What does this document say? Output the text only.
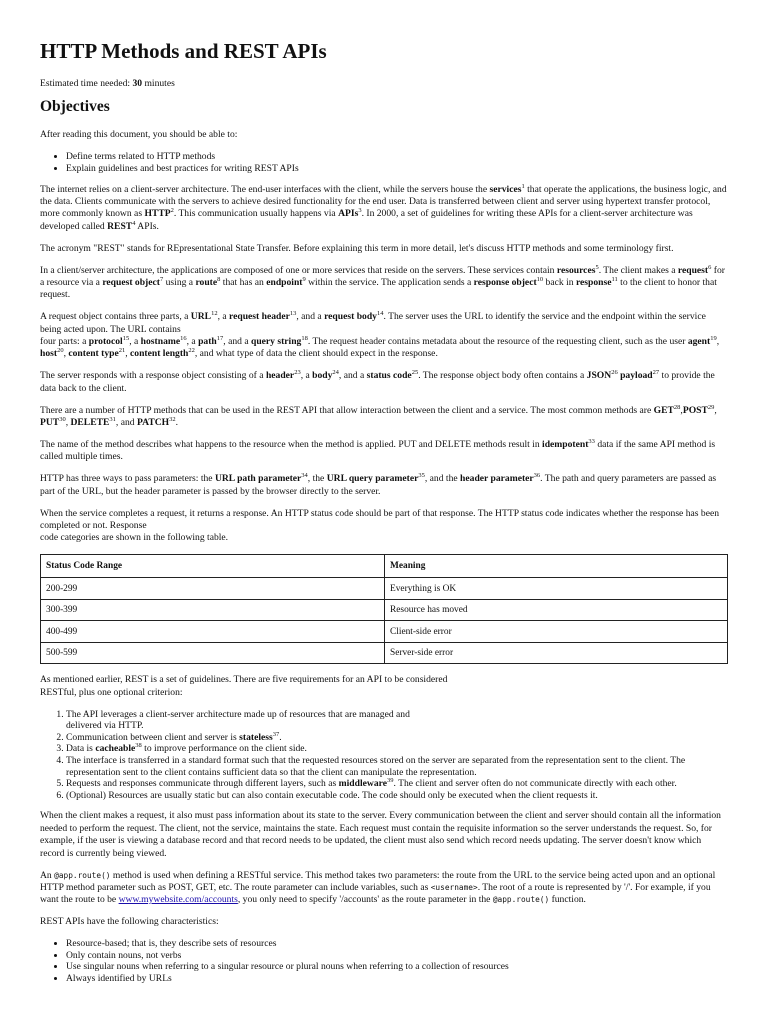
HTTP Methods and REST APIs

Estimated time needed: 30 minutes

Objectives

After reading this document, you should be able to:

• Define terms related to HTTP methods
• Explain guidelines and best practices for writing REST APIs

The internet relies on a client-server architecture. The end-user interfaces with the client, while the servers house the services$^1$ that operate the applications, the business logic, and the data. Clients communicate with the servers to achieve desired functionality for the end user. Data is transferred between client and server using hypertext transfer protocol, more commonly known as HTTP$^2$. This communication usually happens via APIs$^3$. In 2000, a set of guidelines for writing these APIs for a client-server architecture was developed called REST$^4$ APIs.

The acronym "REST" stands for REpresentational State Transfer. Before explaining this term in more detail, let's discuss HTTP methods and some terminology first.

In a client/server architecture, the applications are composed of one or more services that reside on the servers. These services contain resources$^5$. The client makes a request$^6$ for a resource via a request object$^7$ using a route$^8$ that has an endpoint$^9$ within the service. The application sends a response object$^{10}$ back in response$^{11}$ to the client to honor that request.

A request object contains three parts, a URL$^{12}$, a request header$^{13}$, and a request body$^{14}$. The server uses the URL to identify the service and the endpoint within the service being acted upon. The URL contains
four parts: a protocol$^{15}$, a hostname$^{16}$, a path$^{17}$, and a query string$^{18}$. The request header contains metadata about the resource of the requesting client, such as the user agent$^{19}$, host$^{20}$, content type$^{21}$, content length$^{22}$, and what type of data the client should expect in the response.

The server responds with a response object consisting of a header$^{23}$, a body$^{24}$, and a status code$^{25}$. The response object body often contains a JSON$^{26}$ payload$^{27}$ to provide the data back to the client.

There are a number of HTTP methods that can be used in the REST API that allow interaction between the client and a service. The most common methods are GET$^{28}$,POST$^{29}$, PUT$^{30}$, DELETE$^{31}$, and PATCH$^{32}$.

The name of the method describes what happens to the resource when the method is applied. PUT and DELETE methods result in idempotent$^{33}$ data if the same API method is called multiple times.

HTTP has three ways to pass parameters: the URL path parameter$^{34}$, the URL query parameter$^{35}$, and the header parameter$^{36}$. The path and query parameters are passed as part of the URL, but the header parameter is passed by the browser directly to the server.

When the service completes a request, it returns a response. An HTTP status code should be part of that response. The HTTP status code indicates whether the response has been completed or not. Response
code categories are shown in the following table.

Status Code Range	Meaning
200-299	Everything is OK
300-399	Resource has moved
400-499	Client-side error
500-599	Server-side error

As mentioned earlier, REST is a set of guidelines. There are five requirements for an API to be considered
RESTful, plus one optional criterion:

1. The API leverages a client-server architecture made up of resources that are managed and
delivered via HTTP.
2. Communication between client and server is stateless$^{37}$.
3. Data is cacheable$^{38}$ to improve performance on the client side.
4. The interface is transferred in a standard format such that the requested resources stored on the server are separated from the representation sent to the client. The representation sent to the client contains sufficient data so that the client can manipulate the representation.
5. Requests and responses communicate through different layers, such as middleware$^{39}$. The client and server often do not communicate directly with each other.
6. (Optional) Resources are usually static but can also contain executable code. The code should only be executed when the client requests it.

When the client makes a request, it also must pass information about its state to the server. Every communication between the client and server should contain all the information needed to perform the request. The client, not the service, maintains the state. Each request must contain the requisite information so the server understands the request. So, for example, if the user is viewing a database record and that record needs to be updated, the client must also send which record needs updating. The server doesn't know which record is currently being viewed.

An @app.route() method is used when defining a RESTful service. This method takes two parameters: the route from the URL to the service being acted upon and an optional HTTP method parameter such as POST, GET, etc. The route parameter can include variables, such as <username>. The root of a route is represented by '/'. For example, if you want the route to be www.mywebsite.com/accounts, you only need to specify '/accounts' as the route parameter in the @app.route() function.

REST APIs have the following characteristics:

• Resource-based; that is, they describe sets of resources
• Only contain nouns, not verbs
• Use singular nouns when referring to a singular resource or plural nouns when referring to a collection of resources
• Always identified by URLs
